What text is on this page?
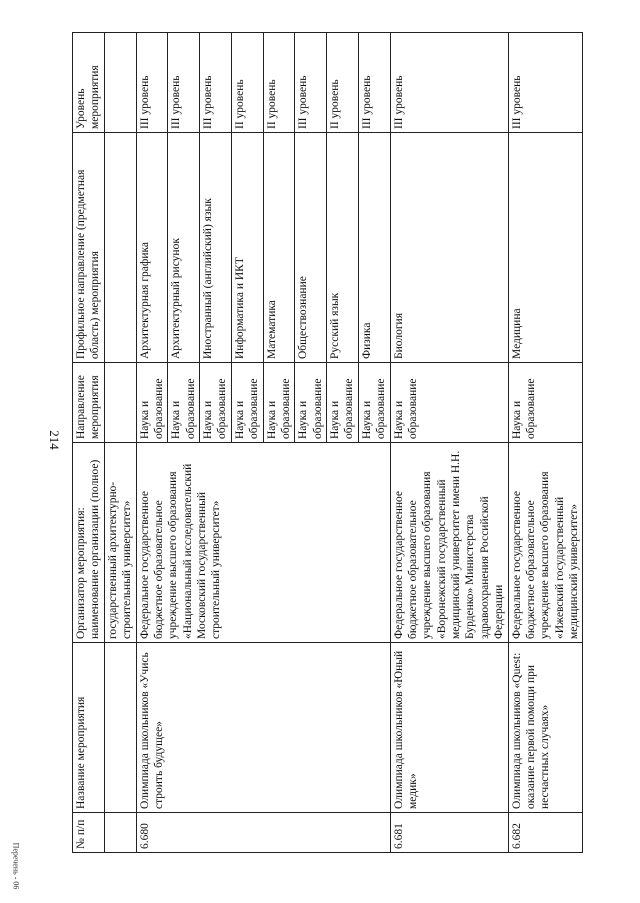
214
Перечень - 06
№ п/п	Название мероприятия	Организатор мероприятия: наименование организации (полное)	Направление мероприятия	Профильное направление (предметная область) мероприятия	Уровень мероприятия
		государственный архитектурно-строительный университет»			
6.680	Олимпиада школьников «Учись строить будущее»	Федеральное государственное бюджетное образовательное учреждение высшего образования «Национальный исследовательский Московский государственный строительный университет»	Наука и образование	Архитектурная графика	III уровень
			Наука и образование	Архитектурный рисунок	III уровень
			Наука и образование	Иностранный (английский) язык	III уровень
			Наука и образование	Информатика и ИКТ	II уровень
			Наука и образование	Математика	II уровень
			Наука и образование	Обществознание	III уровень
			Наука и образование	Русский язык	II уровень
			Наука и образование	Физика	III уровень
6.681	Олимпиада школьников «Юный медик»	Федеральное государственное бюджетное образовательное учреждение высшего образования «Воронежский государственный медицинский университет имени Н.Н. Бурденко» Министерства здравоохранения Российской Федерации	Наука и образование	Биология	III уровень
6.682	Олимпиада школьников «Quest: оказание первой помощи при несчастных случаях»	Федеральное государственное бюджетное образовательное учреждение высшего образования «Ижевский государственный медицинский университет»	Наука и образование	Медицина	III уровень
